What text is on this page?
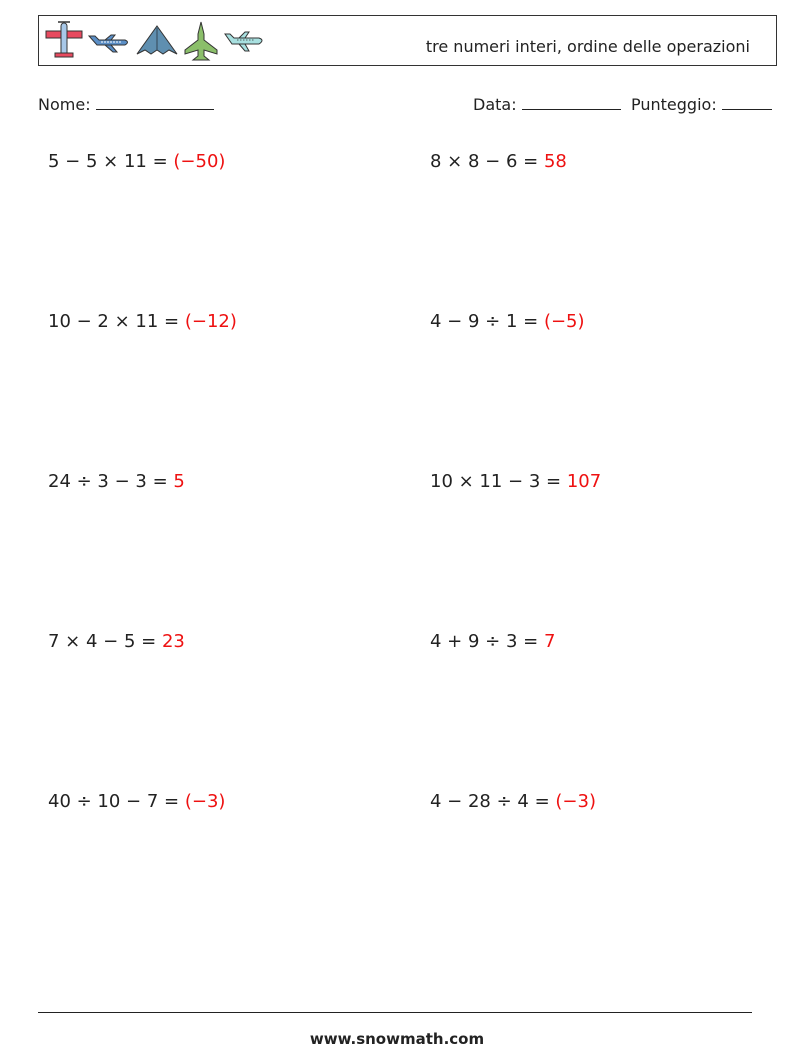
tre numeri interi, ordine delle operazioni
Nome:	Data:	Punteggio:
5 − 5 × 11 = (−50)	8 × 8 − 6 = 58
10 − 2 × 11 = (−12)	4 − 9 ÷ 1 = (−5)
24 ÷ 3 − 3 = 5	10 × 11 − 3 = 107
7 × 4 − 5 = 23	4 + 9 ÷ 3 = 7
40 ÷ 10 − 7 = (−3)	4 − 28 ÷ 4 = (−3)
www.snowmath.com
